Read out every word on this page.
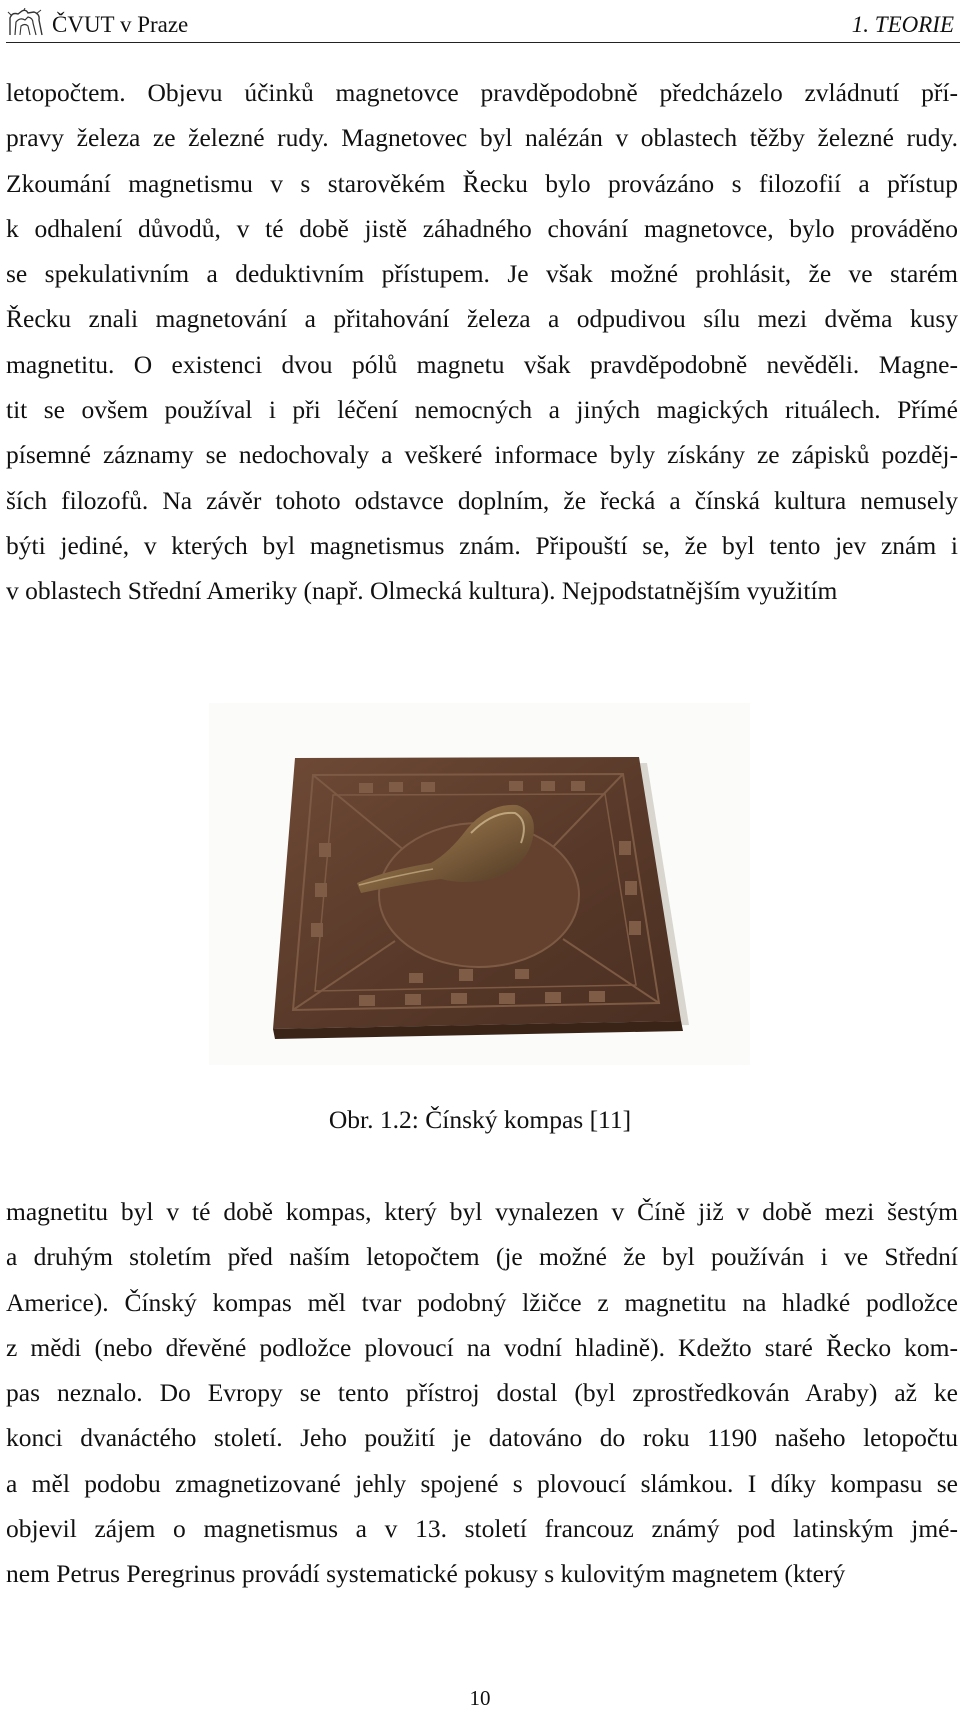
ČVUT v Praze	1. TEORIE
letopočtem. Objevu účinků magnetovce pravděpodobně předcházelo zvládnutí pří-
pravy železa ze železné rudy. Magnetovec byl nalézán v oblastech těžby železné rudy.
Zkoumání magnetismu v s starověkém Řecku bylo provázáno s filozofií a přístup
k odhalení důvodů, v té době jistě záhadného chování magnetovce, bylo prováděno
se spekulativním a deduktivním přístupem. Je však možné prohlásit, že ve starém
Řecku znali magnetování a přitahování železa a odpudivou sílu mezi dvěma kusy
magnetitu. O existenci dvou pólů magnetu však pravděpodobně nevěděli. Magne-
tit se ovšem používal i při léčení nemocných a jiných magických rituálech. Přímé
písemné záznamy se nedochovaly a veškeré informace byly získány ze zápisků pozděj-
ších filozofů. Na závěr tohoto odstavce doplním, že řecká a čínská kultura nemusely
býti jediné, v kterých byl magnetismus znám. Připouští se, že byl tento jev znám i
v oblastech Střední Ameriky (např. Olmecká kultura). Nejpodstatnějším využitím
Obr. 1.2: Čínský kompas [11]
magnetitu byl v té době kompas, který byl vynalezen v Číně již v době mezi šestým
a druhým stoletím před naším letopočtem (je možné že byl používán i ve Střední
Americe). Čínský kompas měl tvar podobný lžičce z magnetitu na hladké podložce
z mědi (nebo dřevěné podložce plovoucí na vodní hladině). Kdežto staré Řecko kom-
pas neznalo. Do Evropy se tento přístroj dostal (byl zprostředkován Araby) až ke
konci dvanáctého století. Jeho použití je datováno do roku 1190 našeho letopočtu
a měl podobu zmagnetizované jehly spojené s plovoucí slámkou. I díky kompasu se
objevil zájem o magnetismus a v 13. století francouz známý pod latinským jmé-
nem Petrus Peregrinus provádí systematické pokusy s kulovitým magnetem (který
10
